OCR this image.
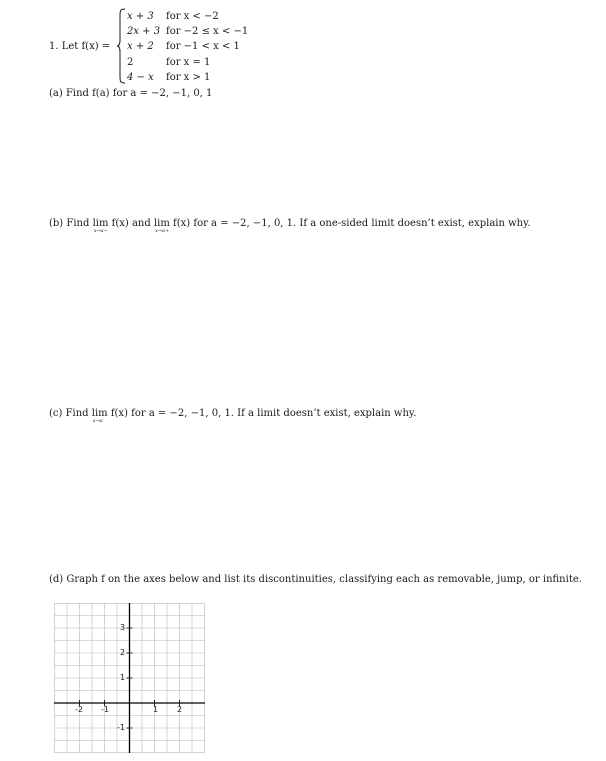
1. Let f(x) =
x + 3 for x < −2
2x + 3 for −2 ≤ x < −1
x + 2 for −1 < x < 1
2	for x = 1
4 − x for x > 1
(a) Find f(a) for a = −2, −1, 0, 1
(b) Find lim
x→a−
f(x) and lim
x→a+
f(x) for a = −2, −1, 0, 1. If a one-sided limit doesn’t exist, explain why.
(c) Find lim
x→a
f(x) for a = −2, −1, 0, 1. If a limit doesn’t exist, explain why.
(d) Graph f on the axes below and list its discontinuities, classifying each as removable, jump, or infinite.
-2 -1	1 2
3
2
1
-1
